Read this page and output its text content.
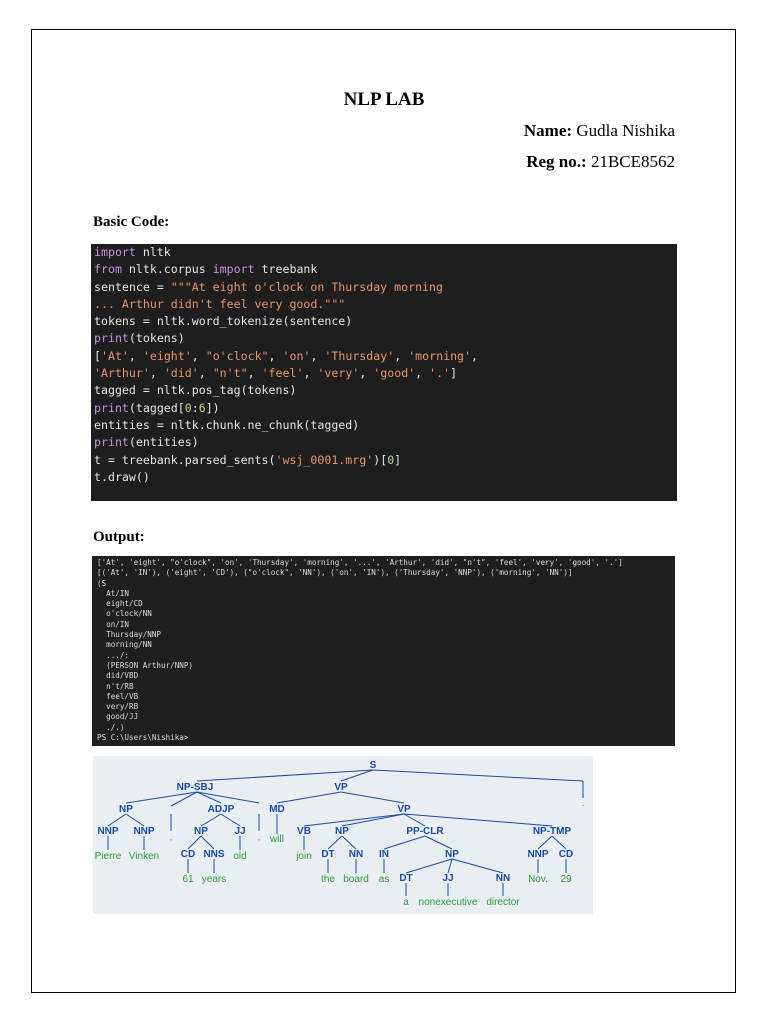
NLP LAB
Name: Gudla Nishika
Reg no.: 21BCE8562
Basic Code:
import nltk
from nltk.corpus import treebank
sentence = """At eight o'clock on Thursday morning
... Arthur didn't feel very good."""
tokens = nltk.word_tokenize(sentence)
print(tokens)
['At', 'eight', "o'clock", 'on', 'Thursday', 'morning',
'Arthur', 'did', "n't", 'feel', 'very', 'good', '.']
tagged = nltk.pos_tag(tokens)
print(tagged[0:6])
entities = nltk.chunk.ne_chunk(tagged)
print(entities)
t = treebank.parsed_sents('wsj_0001.mrg')[0]
t.draw()
Output:
['At', 'eight', "o'clock", 'on', 'Thursday', 'morning', '...', 'Arthur', 'did', "n't", 'feel', 'very', 'good', '.']
[('At', 'IN'), ('eight', 'CD'), ("o'clock", 'NN'), ('on', 'IN'), ('Thursday', 'NNP'), ('morning', 'NN')]
(S
At/IN
eight/CD
o'clock/NN
on/IN
Thursday/NNP
morning/NN
.../:
(PERSON Arthur/NNP)
did/VBD
n't/RB
feel/VB
very/RB
good/JJ
./.)
PS C:\Users\Nishika>
S
NP-SBJ	VP
NP	ADJP	MD	VP
NNP NNP	NP	JJ	VB NP	PP-CLR	NP-TMP
CD NNS	DT NN IN	NP	NNP CD
DT	JJ	NN
,	,
.
Pierre Vinken	old
will
join
61 years	the board as	Nov. 29
a nonexecutive director
